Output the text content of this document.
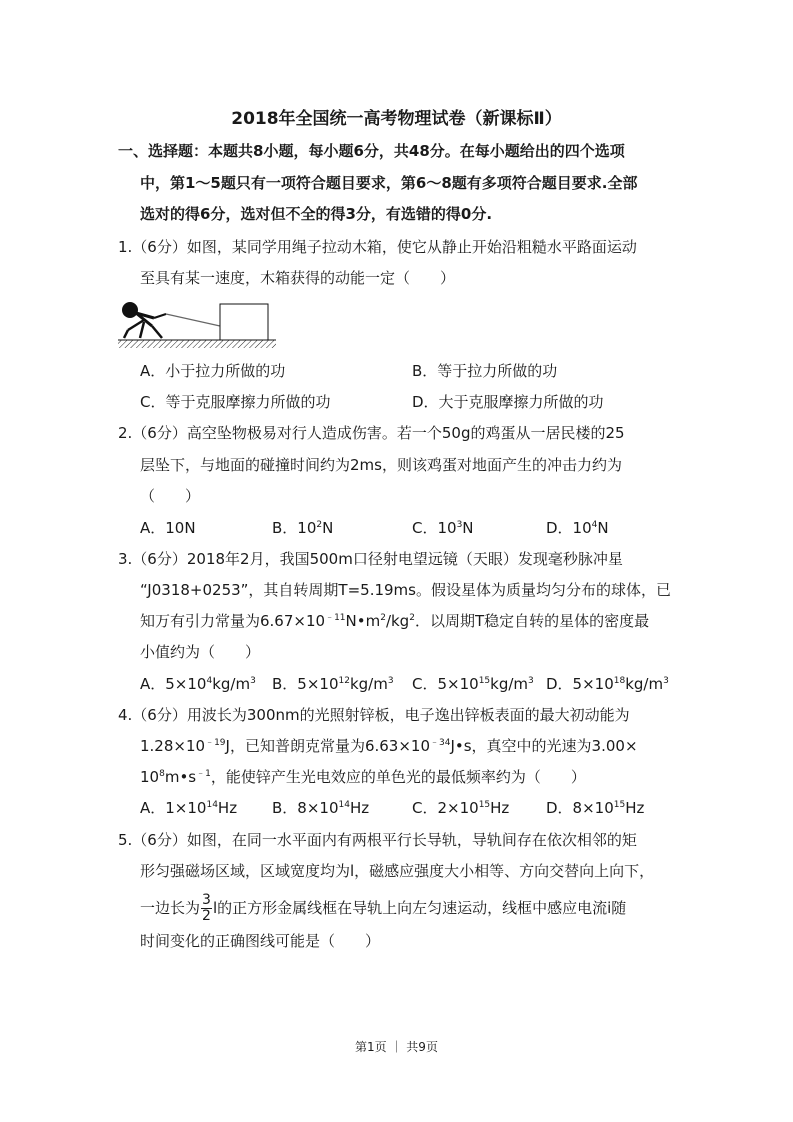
2018年全国统一高考物理试卷（新课标Ⅱ）
一、选择题：本题共8小题，每小题6分，共48分。在每小题给出的四个选项
中，第1～5题只有一项符合题目要求，第6～8题有多项符合题目要求.全部
选对的得6分，选对但不全的得3分，有选错的得0分.
1.（6分）如图，某同学用绳子拉动木箱，使它从静止开始沿粗糙水平路面运动
至具有某一速度，木箱获得的动能一定（　　）
A．小于拉力所做的功	B．等于拉力所做的功
C．等于克服摩擦力所做的功	D．大于克服摩擦力所做的功
2.（6分）高空坠物极易对行人造成伤害。若一个50g的鸡蛋从一居民楼的25
层坠下，与地面的碰撞时间约为2ms，则该鸡蛋对地面产生的冲击力约为
（　　）
A．10N	B．$10^2N$	C．$10^3N$	D．$10^4N$
3.（6分）2018年2月，我国500m口径射电望远镜（天眼）发现毫秒脉冲星
“J0318+0253”，其自转周期T=5.19ms。假设星体为质量均匀分布的球体，已
知万有引力常量为$6.67\times 10^{﹣11}N•m^2/kg^2$．以周期T稳定自转的星体的密度最
小值约为（　　）
A．$5\times 10^4kg/m^3$ B．$5\times 10^{12}kg/m^3$ C．$5\times 10^{15}kg/m^3$ D．$5\times 10^{18}kg/m^3$
4.（6分）用波长为300nm的光照射锌板，电子逸出锌板表面的最大初动能为
$1.28\times 10^{﹣19}J$，已知普朗克常量为$6.63\times 10^{﹣34}J•s$，真空中的光速为3.00×
$10^8m•s^{﹣1}$，能使锌产生光电效应的单色光的最低频率约为（　　）
A．$1\times 10^{14}Hz$ B．$8\times 10^{14}Hz$	C．$2\times 10^{15}Hz$ D．$8\times 10^{15}Hz$
5.（6分）如图，在同一水平面内有两根平行长导轨，导轨间存在依次相邻的矩
形匀强磁场区域，区域宽度均为l，磁感应强度大小相等、方向交替向上向下，
一边长为 $\frac{3}{2}$ l的正方形金属线框在导轨上向左匀速运动，线框中感应电流i随
时间变化的正确图线可能是（　　）
第1页 ｜ 共9页
